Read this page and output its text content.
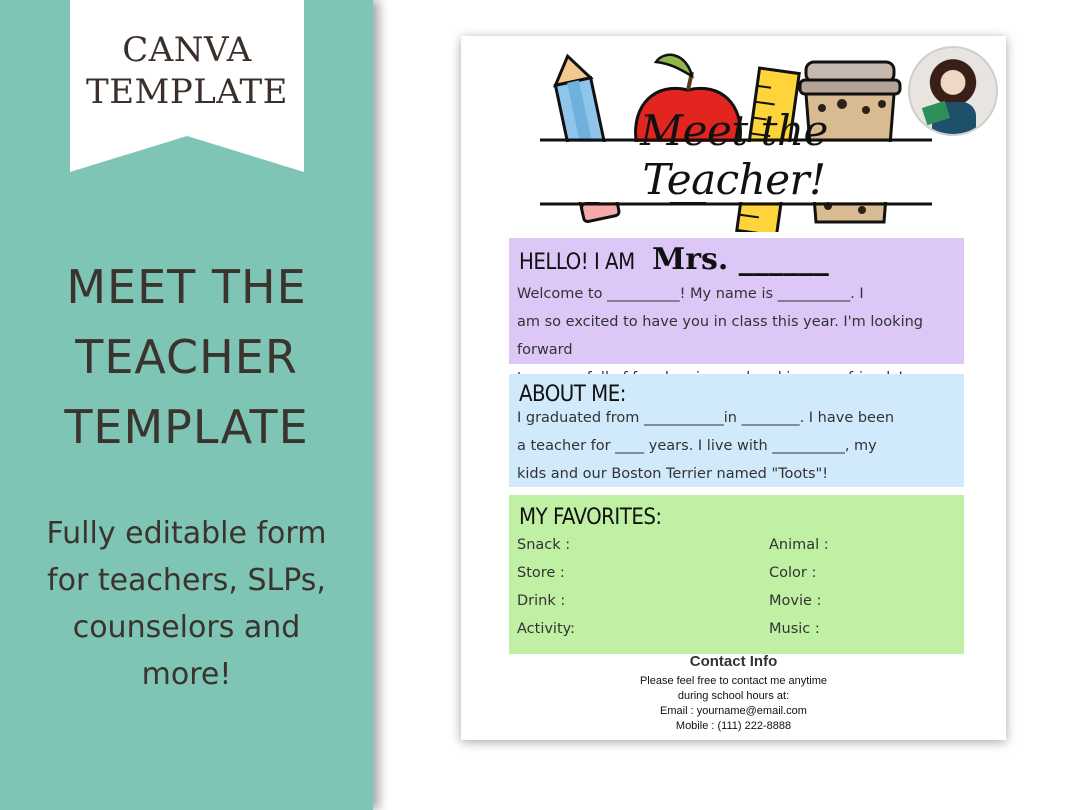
CANVA
TEMPLATE
MEET THE
TEACHER
TEMPLATE
Fully editable form
for teachers, SLPs,
counselors and
more!
Meet the Teacher!
HELLO! I AM Mrs. ______
Welcome to __________! My name is __________. I
am so excited to have you in class this year. I'm looking forward
ABOUT ME:
I graduated from ___________in ________. I have been
a teacher for ____ years. I live with __________, my
kids and our Boston Terrier named "Toots"!
MY FAVORITES:
Snack :
Store :
Drink :
Activity:
Animal :
Color :
Movie :
Music :
Contact Info
Please feel free to contact me anytime
during school hours at:
Email : yourname@email.com
Mobile : (111) 222-8888
